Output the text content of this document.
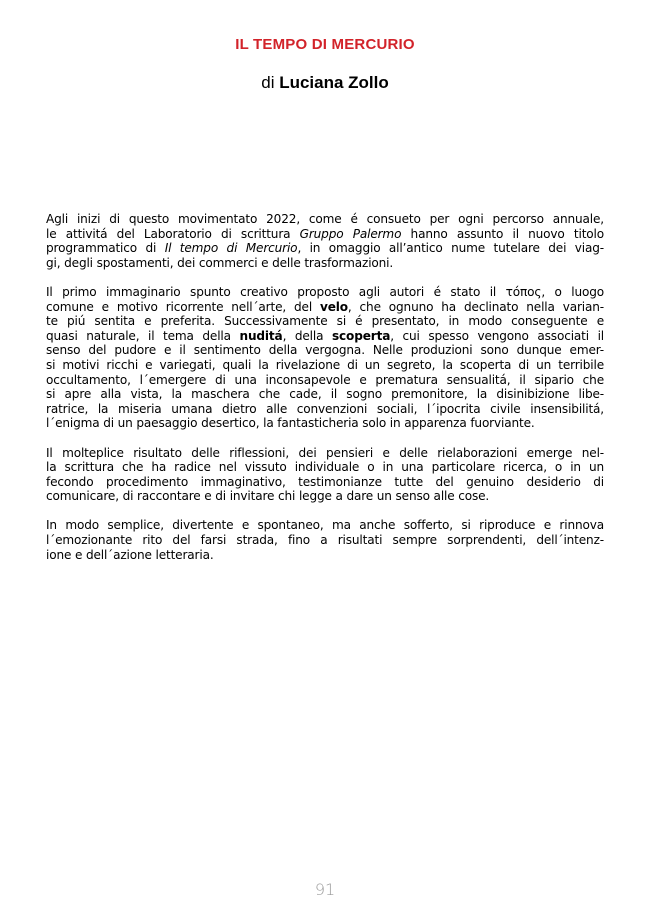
IL TEMPO DI MERCURIO
di Luciana Zollo
Agli inizi di questo movimentato 2022, come é consueto per ogni percorso annuale,
le attivitá del Laboratorio di scrittura Gruppo Palermo hanno assunto il nuovo titolo
programmatico di Il tempo di Mercurio, in omaggio all’antico nume tutelare dei viag-
gi, degli spostamenti, dei commerci e delle trasformazioni.
Il primo immaginario spunto creativo proposto agli autori é stato il τόπος, o luogo
comune e motivo ricorrente nell´arte, del velo, che ognuno ha declinato nella varian-
te piú sentita e preferita. Successivamente si é presentato, in modo conseguente e
quasi naturale, il tema della nuditá, della scoperta, cui spesso vengono associati il
senso del pudore e il sentimento della vergogna. Nelle produzioni sono dunque emer-
si motivi ricchi e variegati, quali la rivelazione di un segreto, la scoperta di un terribile
occultamento, l´emergere di una inconsapevole e prematura sensualitá, il sipario che
si apre alla vista, la maschera che cade, il sogno premonitore, la disinibizione libe-
ratrice, la miseria umana dietro alle convenzioni sociali, l´ipocrita civile insensibilitá,
l´enigma di un paesaggio desertico, la fantasticheria solo in apparenza fuorviante.
Il molteplice risultato delle riflessioni, dei pensieri e delle rielaborazioni emerge nel-
la scrittura che ha radice nel vissuto individuale o in una particolare ricerca, o in un
fecondo procedimento immaginativo, testimonianze tutte del genuino desiderio di
comunicare, di raccontare e di invitare chi legge a dare un senso alle cose.
In modo semplice, divertente e spontaneo, ma anche sofferto, si riproduce e rinnova
l´emozionante rito del farsi strada, fino a risultati sempre sorprendenti, dell´intenz-
ione e dell´azione letteraria.
91
